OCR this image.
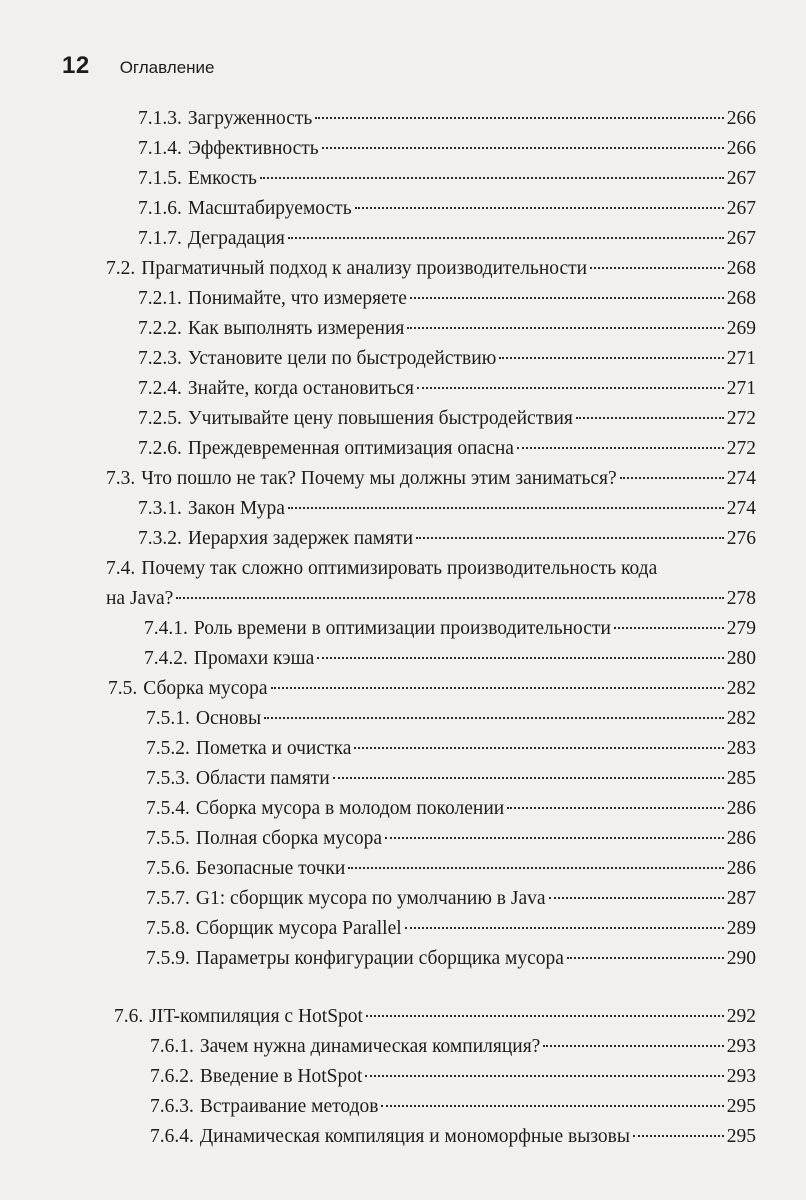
12 Оглавление
7.1.3. Загруженность	266
7.1.4. Эффективность	266
7.1.5. Емкость	267
7.1.6. Масштабируемость	267
7.1.7. Деградация	267
7.2. Прагматичный подход к анализу производительности	268
7.2.1. Понимайте, что измеряете	268
7.2.2. Как выполнять измерения	269
7.2.3. Установите цели по быстродействию	271
7.2.4. Знайте, когда остановиться	271
7.2.5. Учитывайте цену повышения быстродействия	272
7.2.6. Преждевременная оптимизация опасна	272
7.3. Что пошло не так? Почему мы должны этим заниматься?	274
7.3.1. Закон Мура	274
7.3.2. Иерархия задержек памяти	276
7.4. Почему так сложно оптимизировать производительность кода
на Java?	278
7.4.1. Роль времени в оптимизации производительности	279
7.4.2. Промахи кэша	280
7.5. Сборка мусора	282
7.5.1. Основы	282
7.5.2. Пометка и очистка	283
7.5.3. Области памяти	285
7.5.4. Сборка мусора в молодом поколении	286
7.5.5. Полная сборка мусора	286
7.5.6. Безопасные точки	286
7.5.7. G1: сборщик мусора по умолчанию в Java	287
7.5.8. Сборщик мусора Parallel	289
7.5.9. Параметры конфигурации сборщика мусора	290
7.6. JIT-компиляция с HotSpot	292
7.6.1. Зачем нужна динамическая компиляция?	293
7.6.2. Введение в HotSpot	293
7.6.3. Встраивание методов	295
7.6.4. Динамическая компиляция и мономорфные вызовы	295
